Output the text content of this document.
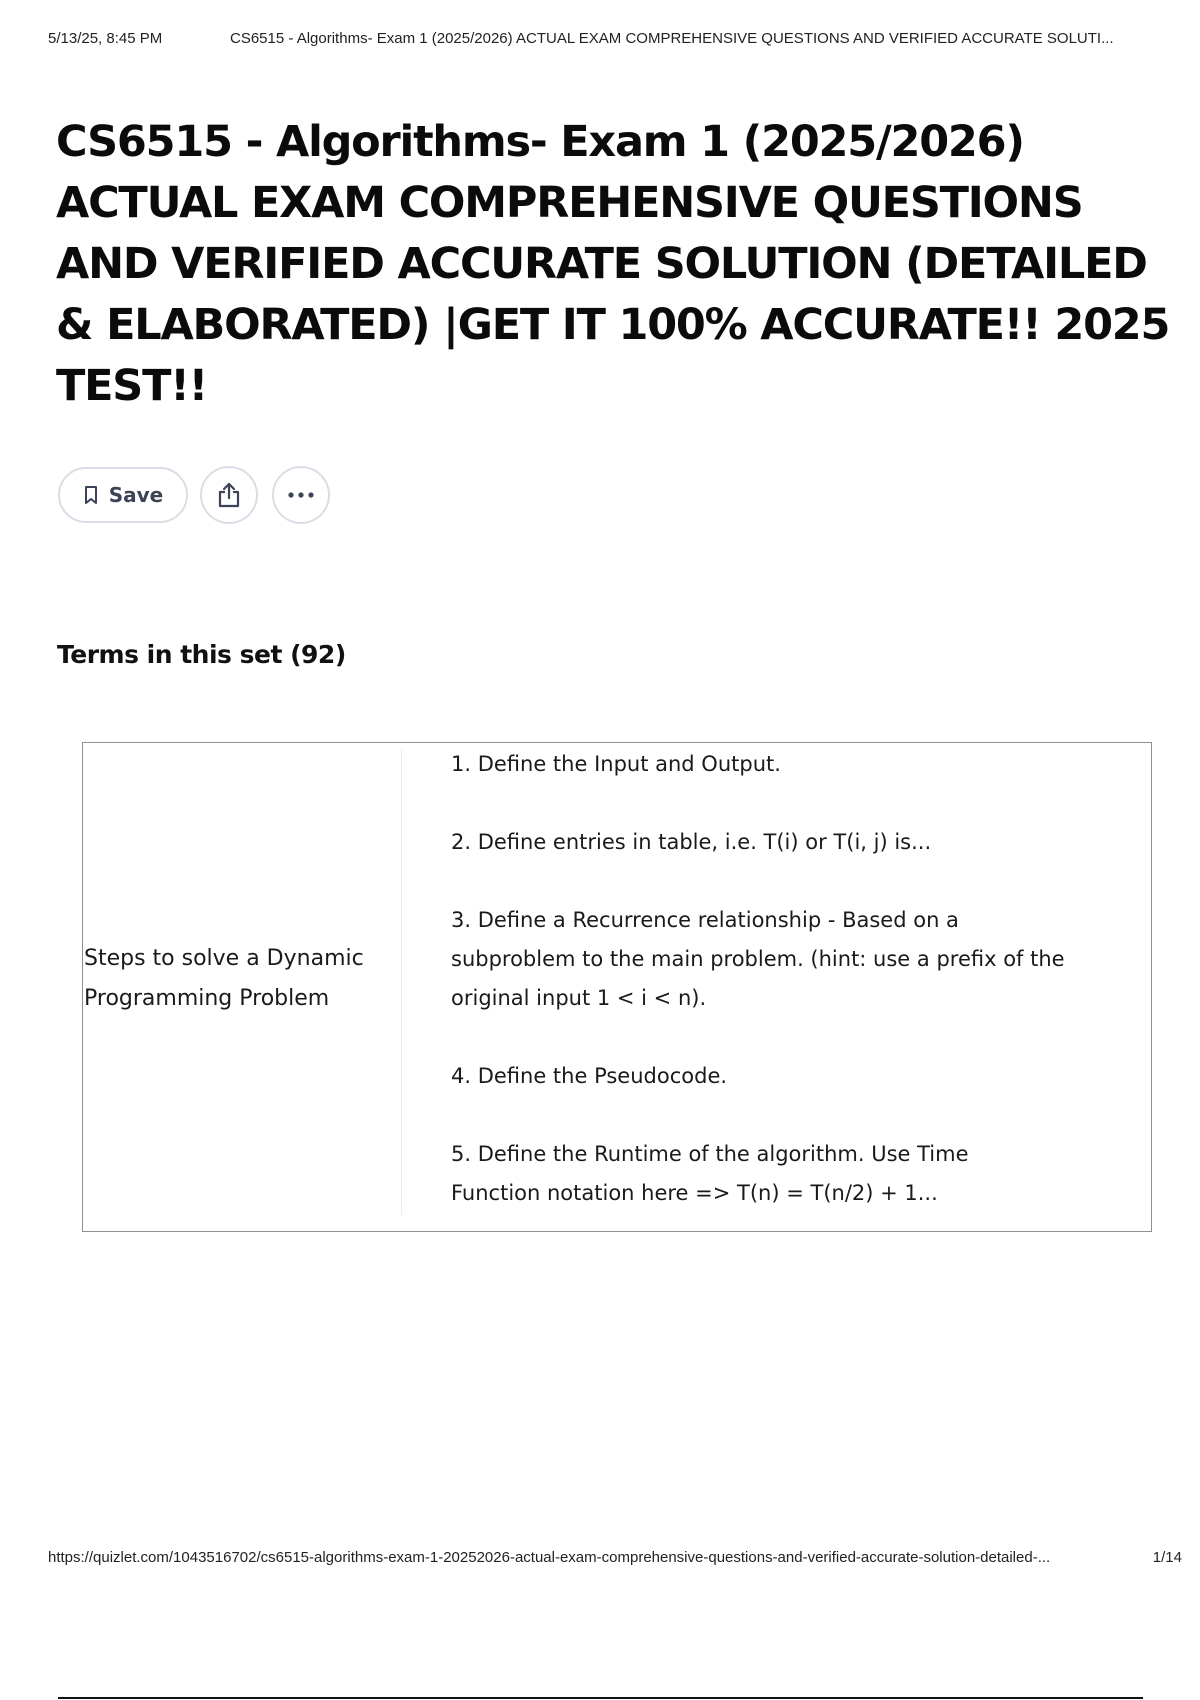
5/13/25, 8:45 PM	CS6515 - Algorithms- Exam 1 (2025/2026) ACTUAL EXAM COMPREHENSIVE QUESTIONS AND VERIFIED ACCURATE SOLUTI...
CS6515 - Algorithms- Exam 1 (2025/2026) ACTUAL EXAM COMPREHENSIVE QUESTIONS AND VERIFIED ACCURATE SOLUTION (DETAILED & ELABORATED) |GET IT 100% ACCURATE!! 2025 TEST!!
Save
Terms in this set (92)
Steps to solve a Dynamic Programming Problem

1. Define the Input and Output.

2. Define entries in table, i.e. T(i) or T(i, j) is...

3. Define a Recurrence relationship - Based on a subproblem to the main problem. (hint: use a prefix of the original input 1 < i < n).

4. Define the Pseudocode.

5. Define the Runtime of the algorithm. Use Time Function notation here => T(n) = T(n/2) + 1...

https://quizlet.com/1043516702/cs6515-algorithms-exam-1-20252026-actual-exam-comprehensive-questions-and-verified-accurate-solution-detailed-...	1/14
